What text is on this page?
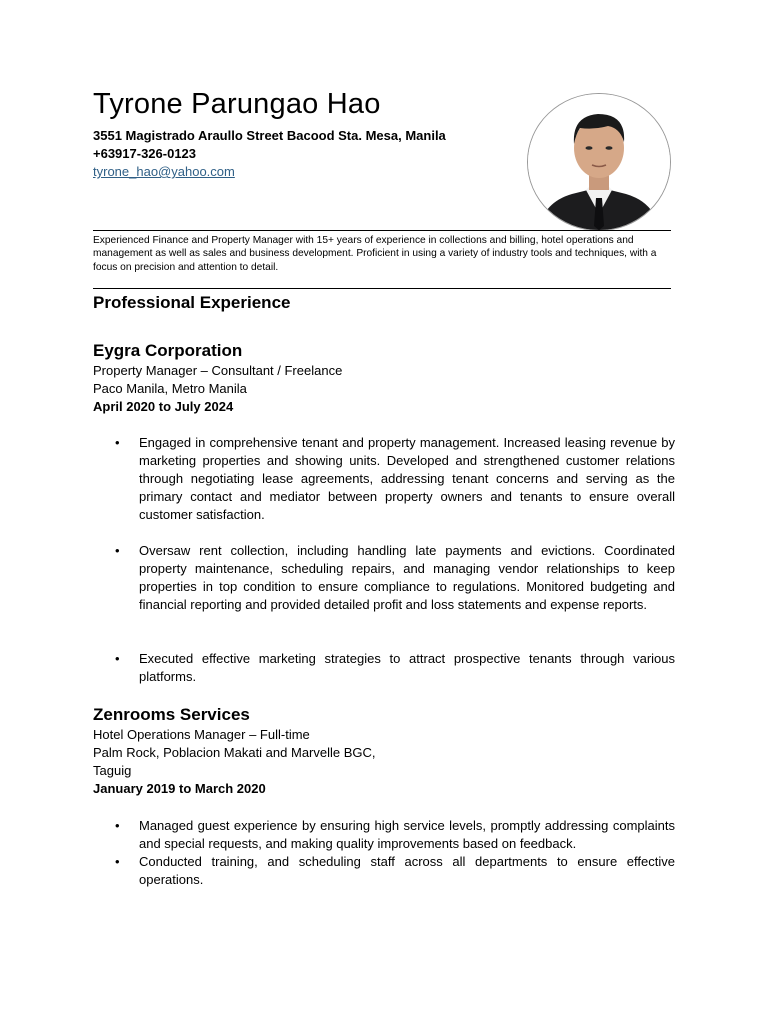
Tyrone Parungao Hao
3551 Magistrado Araullo Street Bacood Sta. Mesa, Manila
+63917-326-0123
tyrone_hao@yahoo.com
Experienced Finance and Property Manager with 15+ years of experience in collections and billing, hotel operations and management as well as sales and business development. Proficient in using a variety of industry tools and techniques, with a focus on precision and attention to detail.
Professional Experience
Eygra Corporation
Property Manager – Consultant / Freelance
Paco Manila, Metro Manila
April 2020 to July 2024
• Engaged in comprehensive tenant and property management. Increased leasing revenue by marketing properties and showing units. Developed and strengthened customer relations through negotiating lease agreements, addressing tenant concerns and serving as the primary contact and mediator between property owners and tenants to ensure overall customer satisfaction.
• Oversaw rent collection, including handling late payments and evictions. Coordinated property maintenance, scheduling repairs, and managing vendor relationships to keep properties in top condition to ensure compliance to regulations. Monitored budgeting and financial reporting and provided detailed profit and loss statements and expense reports.
• Executed effective marketing strategies to attract prospective tenants through various platforms.
Zenrooms Services
Hotel Operations Manager – Full-time
Palm Rock, Poblacion Makati and Marvelle BGC,
Taguig
January 2019 to March 2020
• Managed guest experience by ensuring high service levels, promptly addressing complaints and special requests, and making quality improvements based on feedback.
• Conducted training, and scheduling staff across all departments to ensure effective operations.
